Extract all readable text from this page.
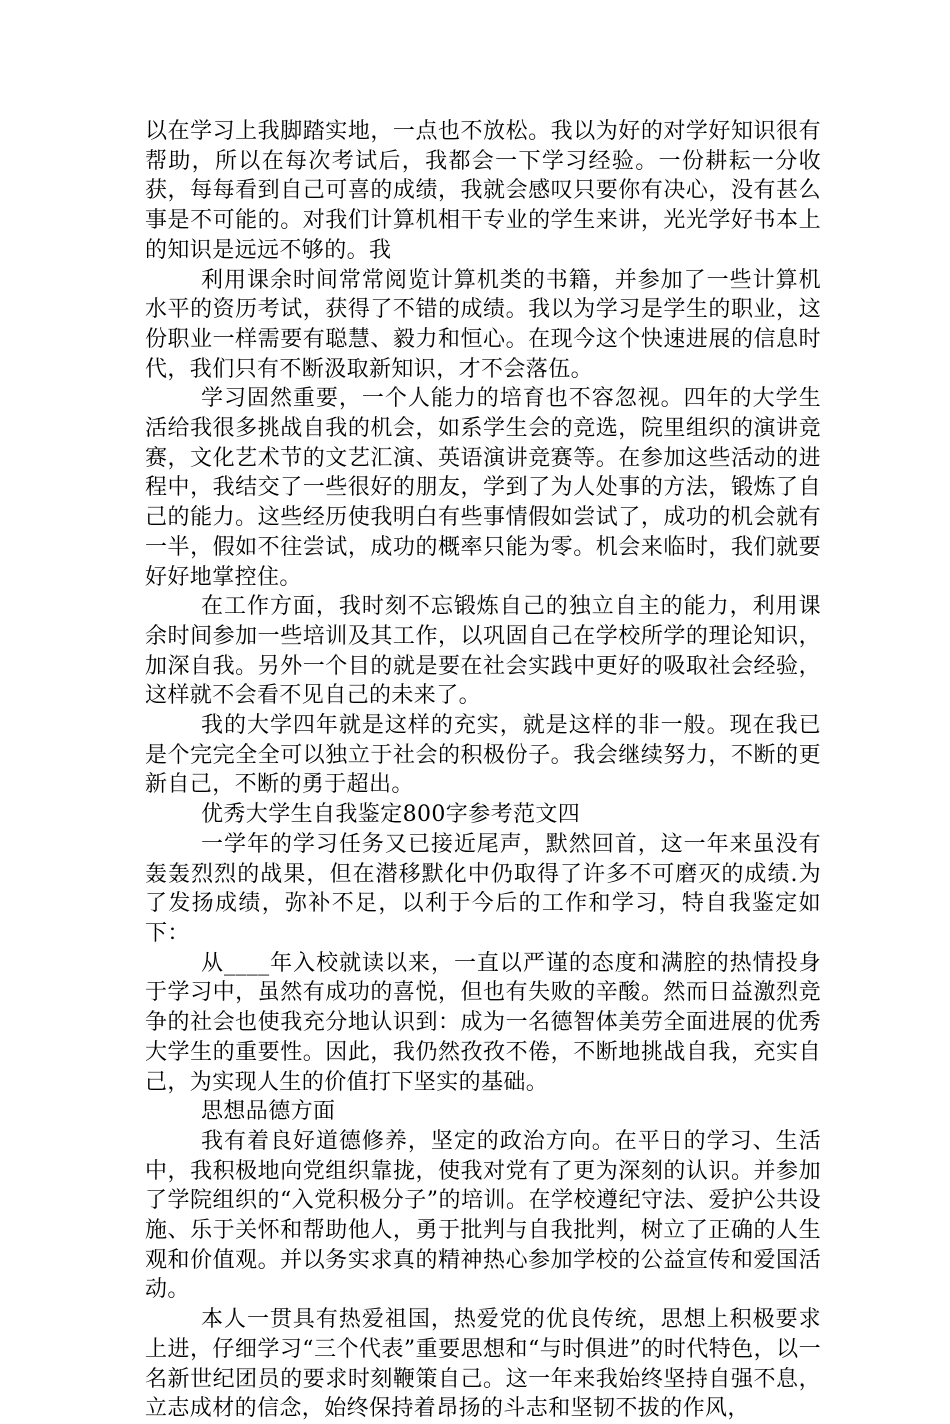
以在学习上我脚踏实地，一点也不放松。我以为好的对学好知识很有帮助，所以在每次考试后，我都会一下学习经验。一份耕耘一分收获，每每看到自己可喜的成绩，我就会感叹只要你有决心，没有甚么事是不可能的。对我们计算机相干专业的学生来讲，光光学好书本上的知识是远远不够的。我

利用课余时间常常阅览计算机类的书籍，并参加了一些计算机水平的资历考试，获得了不错的成绩。我以为学习是学生的职业，这份职业一样需要有聪慧、毅力和恒心。在现今这个快速进展的信息时代，我们只有不断汲取新知识，才不会落伍。

学习固然重要，一个人能力的培育也不容忽视。四年的大学生活给我很多挑战自我的机会，如系学生会的竞选，院里组织的演讲竞赛，文化艺术节的文艺汇演、英语演讲竞赛等。在参加这些活动的进程中，我结交了一些很好的朋友，学到了为人处事的方法，锻炼了自己的能力。这些经历使我明白有些事情假如尝试了，成功的机会就有一半，假如不往尝试，成功的概率只能为零。机会来临时，我们就要好好地掌控住。

在工作方面，我时刻不忘锻炼自己的独立自主的能力，利用课余时间参加一些培训及其工作，以巩固自己在学校所学的理论知识，加深自我。另外一个目的就是要在社会实践中更好的吸取社会经验，这样就不会看不见自己的未来了。

我的大学四年就是这样的充实，就是这样的非一般。现在我已是个完完全全可以独立于社会的积极份子。我会继续努力，不断的更新自己，不断的勇于超出。

优秀大学生自我鉴定800字参考范文四

一学年的学习任务又已接近尾声，默然回首，这一年来虽没有轰轰烈烈的战果，但在潜移默化中仍取得了许多不可磨灭的成绩.为了发扬成绩，弥补不足，以利于今后的工作和学习，特自我鉴定如下：

从____年入校就读以来，一直以严谨的态度和满腔的热情投身于学习中，虽然有成功的喜悦，但也有失败的辛酸。然而日益激烈竞争的社会也使我充分地认识到：成为一名德智体美劳全面进展的优秀大学生的重要性。因此，我仍然孜孜不倦，不断地挑战自我，充实自己，为实现人生的价值打下坚实的基础。

思想品德方面

我有着良好道德修养，坚定的政治方向。在平日的学习、生活中，我积极地向党组织靠拢，使我对党有了更为深刻的认识。并参加了学院组织的“入党积极分子”的培训。在学校遵纪守法、爱护公共设施、乐于关怀和帮助他人，勇于批判与自我批判，树立了正确的人生观和价值观。并以务实求真的精神热心参加学校的公益宣传和爱国活动。

本人一贯具有热爱祖国，热爱党的优良传统，思想上积极要求上进，仔细学习“三个代表”重要思想和“与时俱进”的时代特色，以一名新世纪团员的要求时刻鞭策自己。这一年来我始终坚持自强不息，立志成材的信念，始终保持着昂扬的斗志和坚韧不拔的作风，
